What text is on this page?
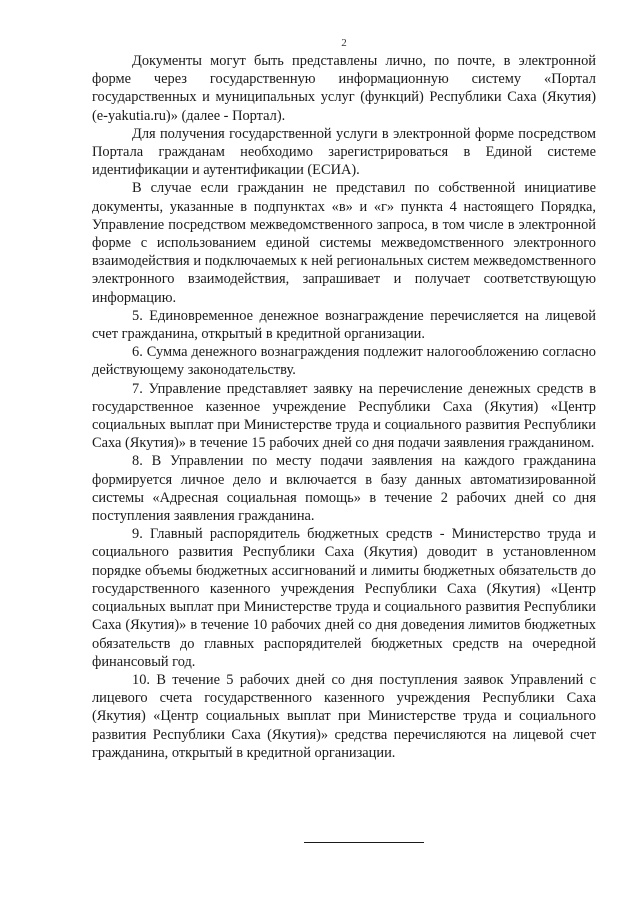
2

Документы могут быть представлены лично, по почте, в электронной форме через государственную информационную систему «Портал государственных и муниципальных услуг (функций) Республики Саха (Якутия) (e-yakutia.ru)» (далее - Портал).

Для получения государственной услуги в электронной форме посредством Портала гражданам необходимо зарегистрироваться в Единой системе идентификации и аутентификации (ЕСИА).

В случае если гражданин не представил по собственной инициативе документы, указанные в подпунктах «в» и «г» пункта 4 настоящего Порядка, Управление посредством межведомственного запроса, в том числе в электронной форме с использованием единой системы межведомственного электронного взаимодействия и подключаемых к ней региональных систем межведомственного электронного взаимодействия, запрашивает и получает соответствующую информацию.

5. Единовременное денежное вознаграждение перечисляется на лицевой счет гражданина, открытый в кредитной организации.

6. Сумма денежного вознаграждения подлежит налогообложению согласно действующему законодательству.

7. Управление представляет заявку на перечисление денежных средств в государственное казенное учреждение Республики Саха (Якутия) «Центр социальных выплат при Министерстве труда и социального развития Республики Саха (Якутия)» в течение 15 рабочих дней со дня подачи заявления гражданином.

8. В Управлении по месту подачи заявления на каждого гражданина формируется личное дело и включается в базу данных автоматизированной системы «Адресная социальная помощь» в течение 2 рабочих дней со дня поступления заявления гражданина.

9. Главный распорядитель бюджетных средств - Министерство труда и социального развития Республики Саха (Якутия) доводит в установленном порядке объемы бюджетных ассигнований и лимиты бюджетных обязательств до государственного казенного учреждения Республики Саха (Якутия) «Центр социальных выплат при Министерстве труда и социального развития Республики Саха (Якутия)» в течение 10 рабочих дней со дня доведения лимитов бюджетных обязательств до главных распорядителей бюджетных средств на очередной финансовый год.

10. В течение 5 рабочих дней со дня поступления заявок Управлений с лицевого счета государственного казенного учреждения Республики Саха (Якутия) «Центр социальных выплат при Министерстве труда и социального развития Республики Саха (Якутия)» средства перечисляются на лицевой счет гражданина, открытый в кредитной организации.
